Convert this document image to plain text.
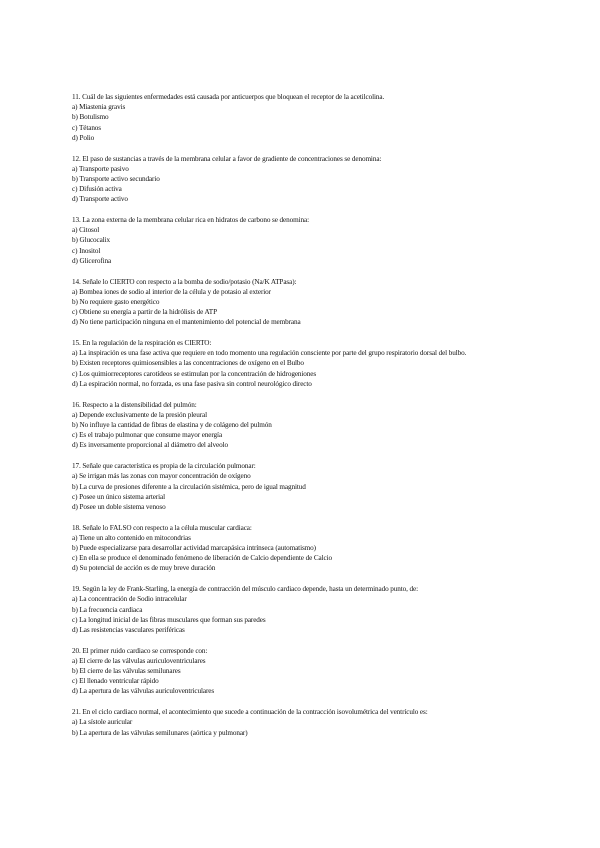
11. Cuál de las siguientes enfermedades está causada por anticuerpos que bloquean el receptor de la acetilcolina.
a) Miastenia gravis
b) Botulismo
c) Tétanos
d) Polio
12. El paso de sustancias a través de la membrana celular a favor de gradiente de concentraciones se denomina:
a) Transporte pasivo
b) Transporte activo secundario
c) Difusión activa
d) Transporte activo
13. La zona externa de la membrana celular rica en hidratos de carbono se denomina:
a) Citosol
b) Glucocalix
c) Inositol
d) Glicerofina
14. Señale lo CIERTO con respecto a la bomba de sodio/potasio (Na/K ATPasa):
a) Bombea iones de sodio al interior de la célula y de potasio al exterior
b) No requiere gasto energético
c) Obtiene su energía a partir de la hidrólisis de ATP
d) No tiene participación ninguna en el mantenimiento del potencial de membrana
15. En la regulación de la respiración es CIERTO:
a) La inspiración es una fase activa que requiere en todo momento una regulación consciente por parte del grupo respiratorio dorsal del bulbo.
b) Existen receptores quimiosensibles a las concentraciones de oxígeno en el Bulbo
c) Los quimiorreceptores carotídeos se estimulan por la concentración de hidrogeniones
d) La espiración normal, no forzada, es una fase pasiva sin control neurológico directo
16. Respecto a la distensibilidad del pulmón:
a) Depende exclusivamente de la presión pleural
b) No influye la cantidad de fibras de elastina y de colágeno del pulmón
c) Es el trabajo pulmonar que consume mayor energía
d) Es inversamente proporcional al diámetro del alveolo
17. Señale que característica es propia de la circulación pulmonar:
a) Se irrigan más las zonas con mayor concentración de oxígeno
b) La curva de presiones diferente a la circulación sistémica, pero de igual magnitud
c) Posee un único sistema arterial
d) Posee un doble sistema venoso
18. Señale lo FALSO con respecto a la célula muscular cardiaca:
a) Tiene un alto contenido en mitocondrias
b) Puede especializarse para desarrollar actividad marcapásica intrínseca (automatismo)
c) En ella se produce el denominado fenómeno de liberación de Calcio dependiente de Calcio
d) Su potencial de acción es de muy breve duración
19. Según la ley de Frank-Starling, la energía de contracción del músculo cardiaco depende, hasta un determinado punto, de:
a) La concentración de Sodio intracelular
b) La frecuencia cardiaca
c) La longitud inicial de las fibras musculares que forman sus paredes
d) Las resistencias vasculares periféricas
20. El primer ruido cardiaco se corresponde con:
a) El cierre de las válvulas auriculoventriculares
b) El cierre de las válvulas semilunares
c) El llenado ventricular rápido
d) La apertura de las válvulas auriculoventriculares
21. En el ciclo cardiaco normal, el acontecimiento que sucede a continuación de la contracción isovolumétrica del ventrículo es:
a) La sístole auricular
b) La apertura de las válvulas semilunares (aórtica y pulmonar)
